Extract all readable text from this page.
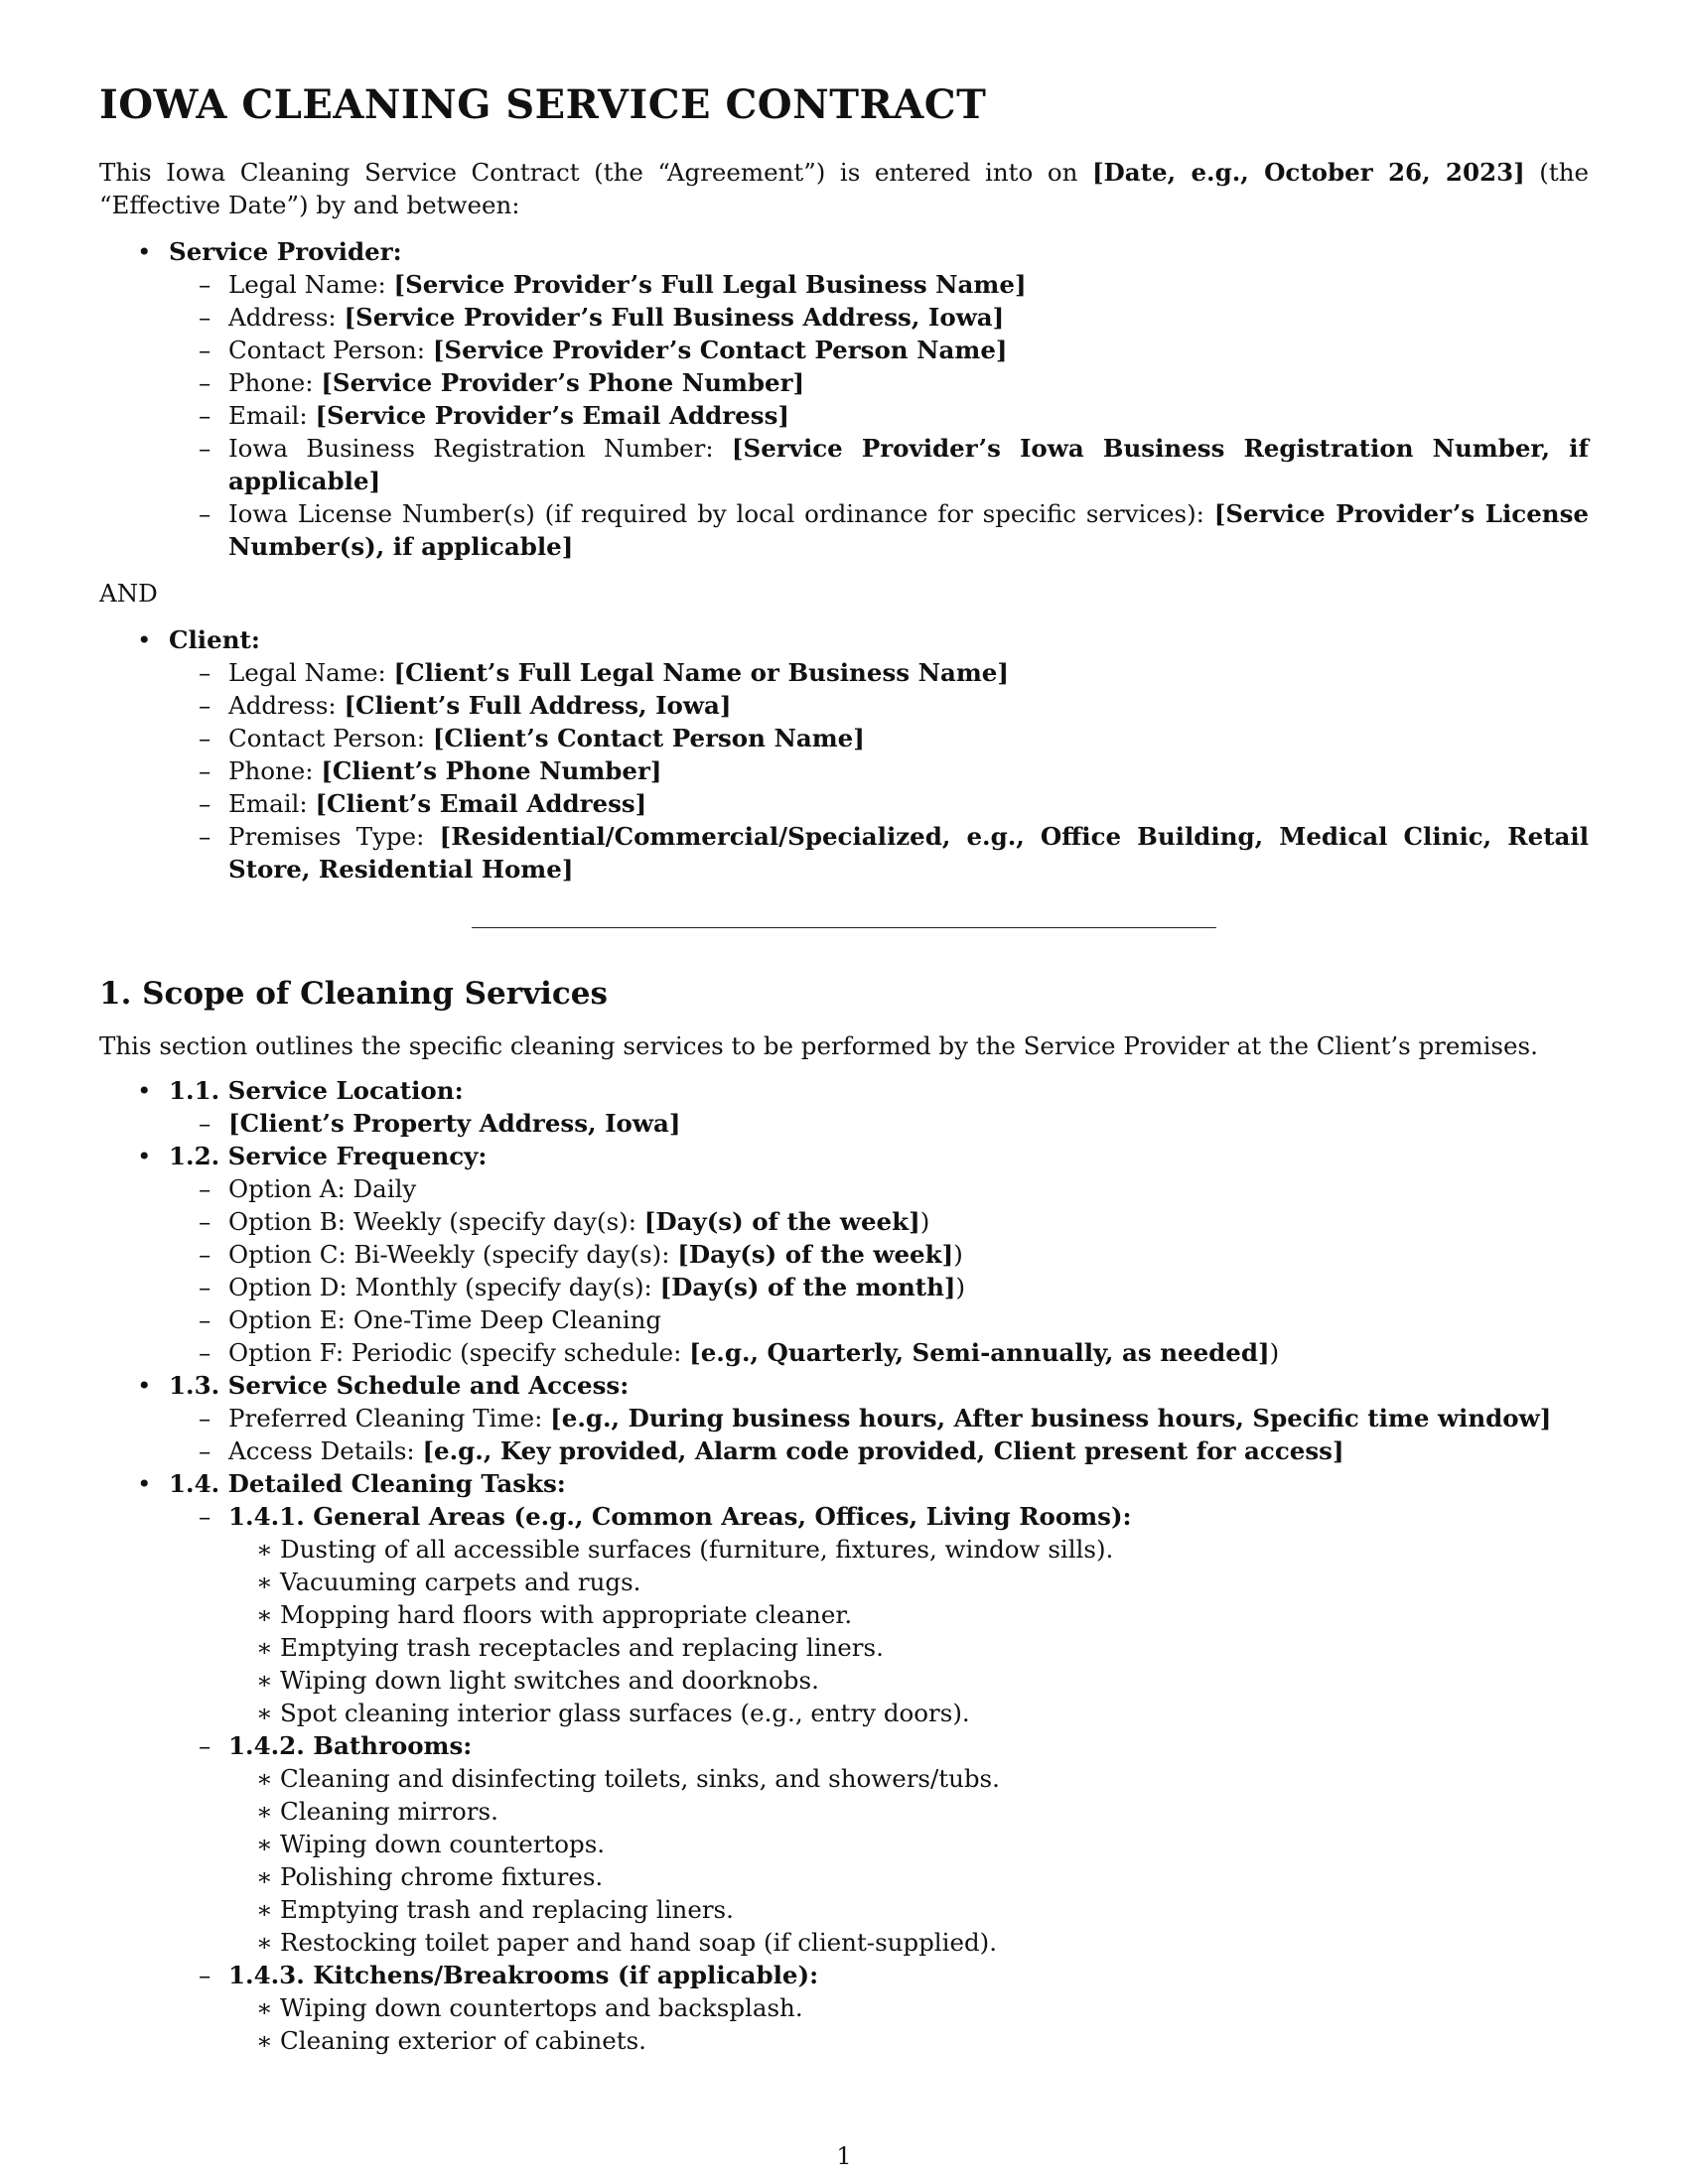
IOWA CLEANING SERVICE CONTRACT

This Iowa Cleaning Service Contract (the “Agreement”) is entered into on [Date, e.g., October 26, 2023] (the “Effective Date”) by and between:

• Service Provider:
– Legal Name: [Service Provider’s Full Legal Business Name]
– Address: [Service Provider’s Full Business Address, Iowa]
– Contact Person: [Service Provider’s Contact Person Name]
– Phone: [Service Provider’s Phone Number]
– Email: [Service Provider’s Email Address]
– Iowa Business Registration Number: [Service Provider’s Iowa Business Registration Number, if applicable]
– Iowa License Number(s) (if required by local ordinance for specific services): [Service Provider’s License Number(s), if applicable]

AND

• Client:
– Legal Name: [Client’s Full Legal Name or Business Name]
– Address: [Client’s Full Address, Iowa]
– Contact Person: [Client’s Contact Person Name]
– Phone: [Client’s Phone Number]
– Email: [Client’s Email Address]
– Premises Type: [Residential/Commercial/Specialized, e.g., Office Building, Medical Clinic, Retail Store, Residential Home]
1. Scope of Cleaning Services

This section outlines the specific cleaning services to be performed by the Service Provider at the Client’s premises.

• 1.1. Service Location:
– [Client’s Property Address, Iowa]
• 1.2. Service Frequency:
– Option A: Daily
– Option B: Weekly (specify day(s): [Day(s) of the week])
– Option C: Bi-Weekly (specify day(s): [Day(s) of the week])
– Option D: Monthly (specify day(s): [Day(s) of the month])
– Option E: One-Time Deep Cleaning
– Option F: Periodic (specify schedule: [e.g., Quarterly, Semi-annually, as needed])
• 1.3. Service Schedule and Access:
– Preferred Cleaning Time: [e.g., During business hours, After business hours, Specific time window]
– Access Details: [e.g., Key provided, Alarm code provided, Client present for access]
• 1.4. Detailed Cleaning Tasks:
– 1.4.1. General Areas (e.g., Common Areas, Offices, Living Rooms):
∗ Dusting of all accessible surfaces (furniture, fixtures, window sills).
∗ Vacuuming carpets and rugs.
∗ Mopping hard floors with appropriate cleaner.
∗ Emptying trash receptacles and replacing liners.
∗ Wiping down light switches and doorknobs.
∗ Spot cleaning interior glass surfaces (e.g., entry doors).
– 1.4.2. Bathrooms:
∗ Cleaning and disinfecting toilets, sinks, and showers/tubs.
∗ Cleaning mirrors.
∗ Wiping down countertops.
∗ Polishing chrome fixtures.
∗ Emptying trash and replacing liners.
∗ Restocking toilet paper and hand soap (if client-supplied).
– 1.4.3. Kitchens/Breakrooms (if applicable):
∗ Wiping down countertops and backsplash.
∗ Cleaning exterior of cabinets.
1
